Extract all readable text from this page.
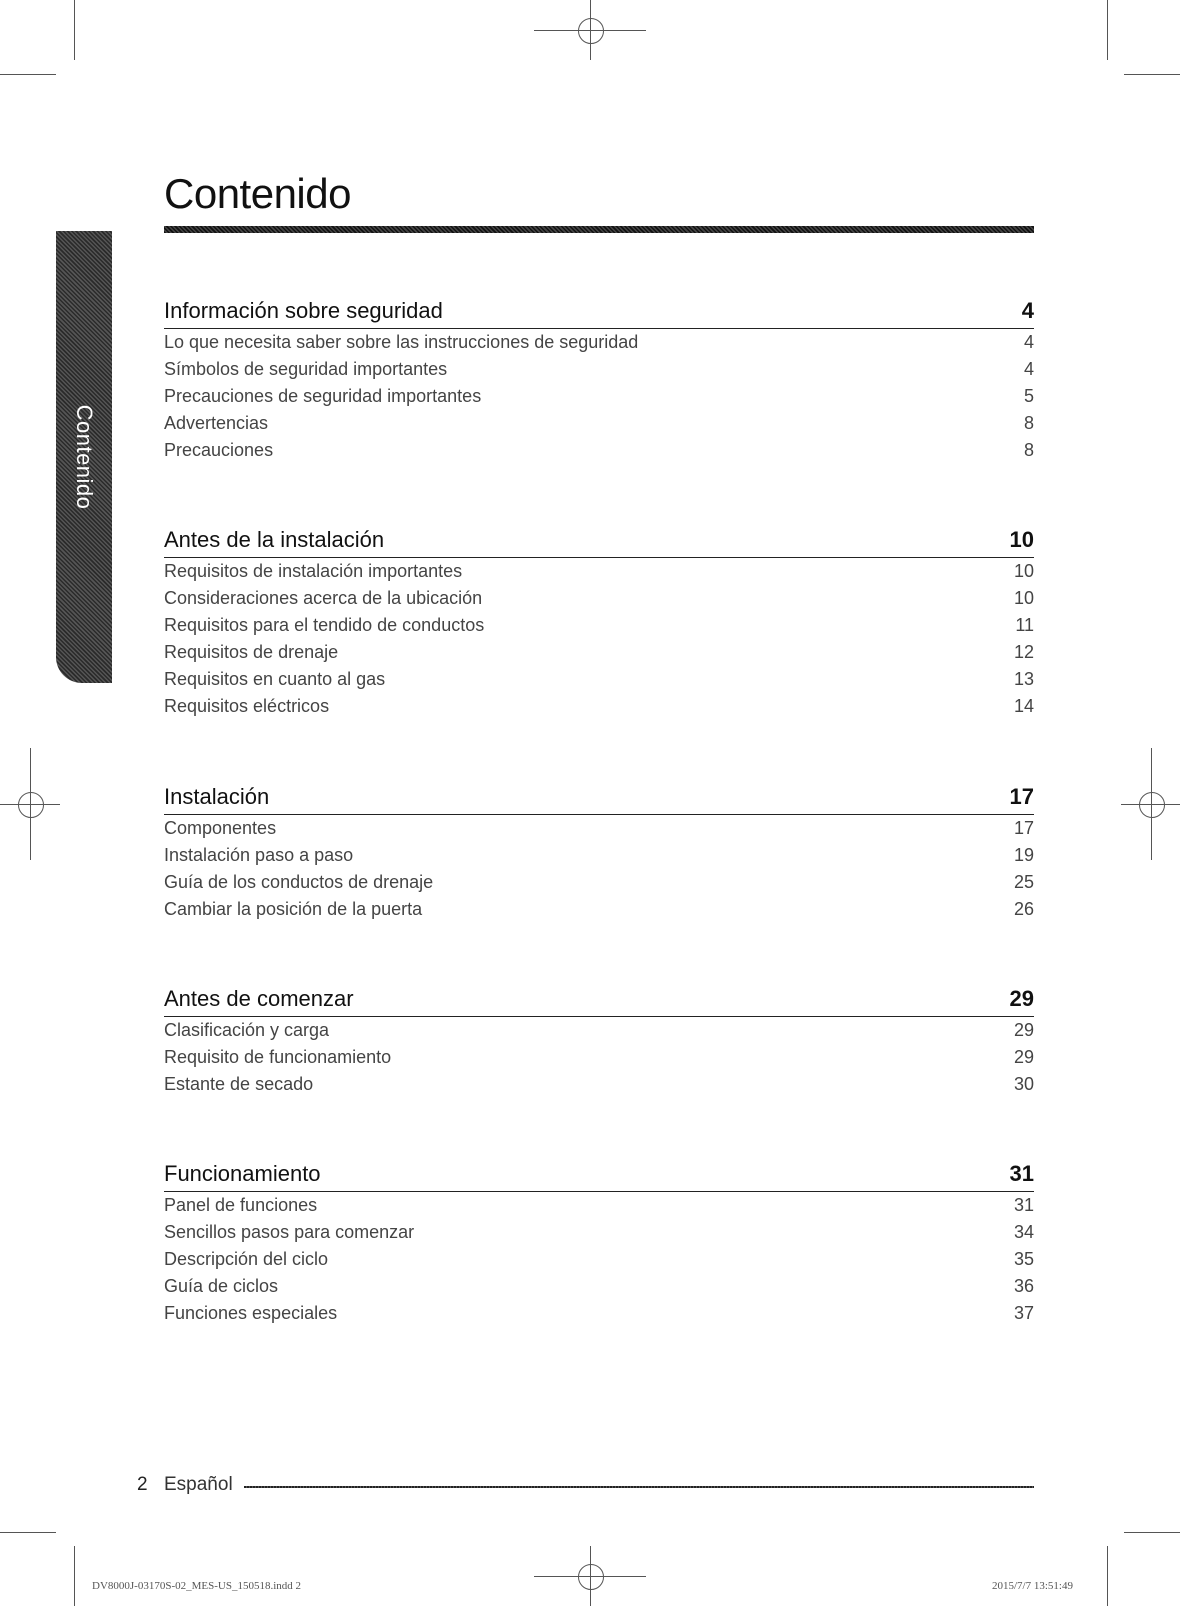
Contenido
Contenido
Información sobre seguridad	4
Lo que necesita saber sobre las instrucciones de seguridad	4
Símbolos de seguridad importantes	4
Precauciones de seguridad importantes	5
Advertencias	8
Precauciones	8
Antes de la instalación	10
Requisitos de instalación importantes	10
Consideraciones acerca de la ubicación	10
Requisitos para el tendido de conductos	11
Requisitos de drenaje	12
Requisitos en cuanto al gas	13
Requisitos eléctricos	14
Instalación	17
Componentes	17
Instalación paso a paso	19
Guía de los conductos de drenaje	25
Cambiar la posición de la puerta	26
Antes de comenzar	29
Clasificación y carga	29
Requisito de funcionamiento	29
Estante de secado	30
Funcionamiento	31
Panel de funciones	31
Sencillos pasos para comenzar	34
Descripción del ciclo	35
Guía de ciclos	36
Funciones especiales	37
2 Español
DV8000J-03170S-02_MES-US_150518.indd 2	2015/7/7 13:51:49
